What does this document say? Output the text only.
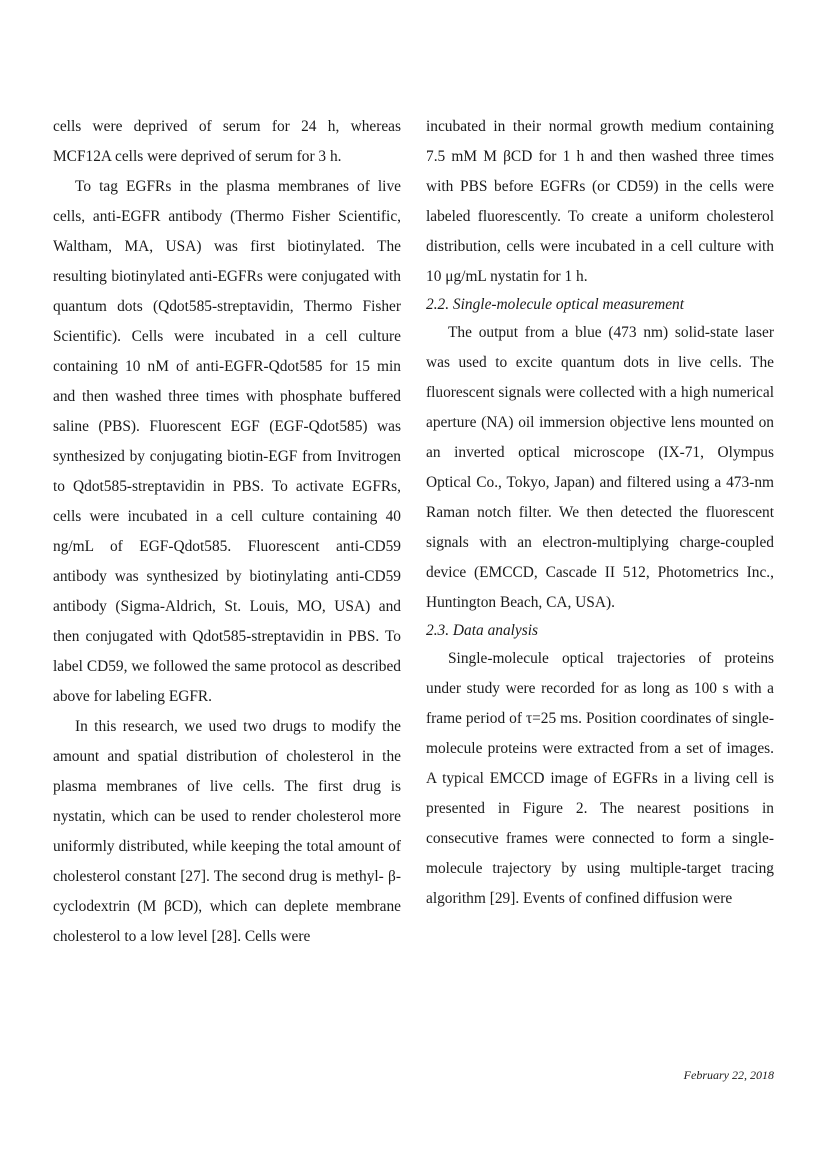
cells were deprived of serum for 24 h, whereas MCF12A cells were deprived of serum for 3 h.

To tag EGFRs in the plasma membranes of live cells, anti-EGFR antibody (Thermo Fisher Scientific, Waltham, MA, USA) was first biotinylated. The resulting biotinylated anti-EGFRs were conjugated with quantum dots (Qdot585-streptavidin, Thermo Fisher Scientific). Cells were incubated in a cell culture containing 10 nM of anti-EGFR-Qdot585 for 15 min and then washed three times with phosphate buffered saline (PBS). Fluorescent EGF (EGF-Qdot585) was synthesized by conjugating biotin-EGF from Invitrogen to Qdot585-streptavidin in PBS. To activate EGFRs, cells were incubated in a cell culture containing 40 ng/mL of EGF-Qdot585. Fluorescent anti-CD59 antibody was synthesized by biotinylating anti-CD59 antibody (Sigma-Aldrich, St. Louis, MO, USA) and then conjugated with Qdot585-streptavidin in PBS. To label CD59, we followed the same protocol as described above for labeling EGFR.

In this research, we used two drugs to modify the amount and spatial distribution of cholesterol in the plasma membranes of live cells. The first drug is nystatin, which can be used to render cholesterol more uniformly distributed, while keeping the total amount of cholesterol constant [27]. The second drug is methyl- β-cyclodextrin (M βCD), which can deplete membrane cholesterol to a low level [28]. Cells were

incubated in their normal growth medium containing 7.5 mM M βCD for 1 h and then washed three times with PBS before EGFRs (or CD59) in the cells were labeled fluorescently. To create a uniform cholesterol distribution, cells were incubated in a cell culture with 10 μg/mL nystatin for 1 h.

2.2. Single-molecule optical measurement

The output from a blue (473 nm) solid-state laser was used to excite quantum dots in live cells. The fluorescent signals were collected with a high numerical aperture (NA) oil immersion objective lens mounted on an inverted optical microscope (IX-71, Olympus Optical Co., Tokyo, Japan) and filtered using a 473-nm Raman notch filter. We then detected the fluorescent signals with an electron-multiplying charge-coupled device (EMCCD, Cascade II 512, Photometrics Inc., Huntington Beach, CA, USA).

2.3. Data analysis

Single-molecule optical trajectories of proteins under study were recorded for as long as 100 s with a frame period of τ=25 ms. Position coordinates of single-molecule proteins were extracted from a set of images. A typical EMCCD image of EGFRs in a living cell is presented in Figure 2. The nearest positions in consecutive frames were connected to form a single-molecule trajectory by using multiple-target tracing algorithm [29]. Events of confined diffusion were

February 22, 2018
